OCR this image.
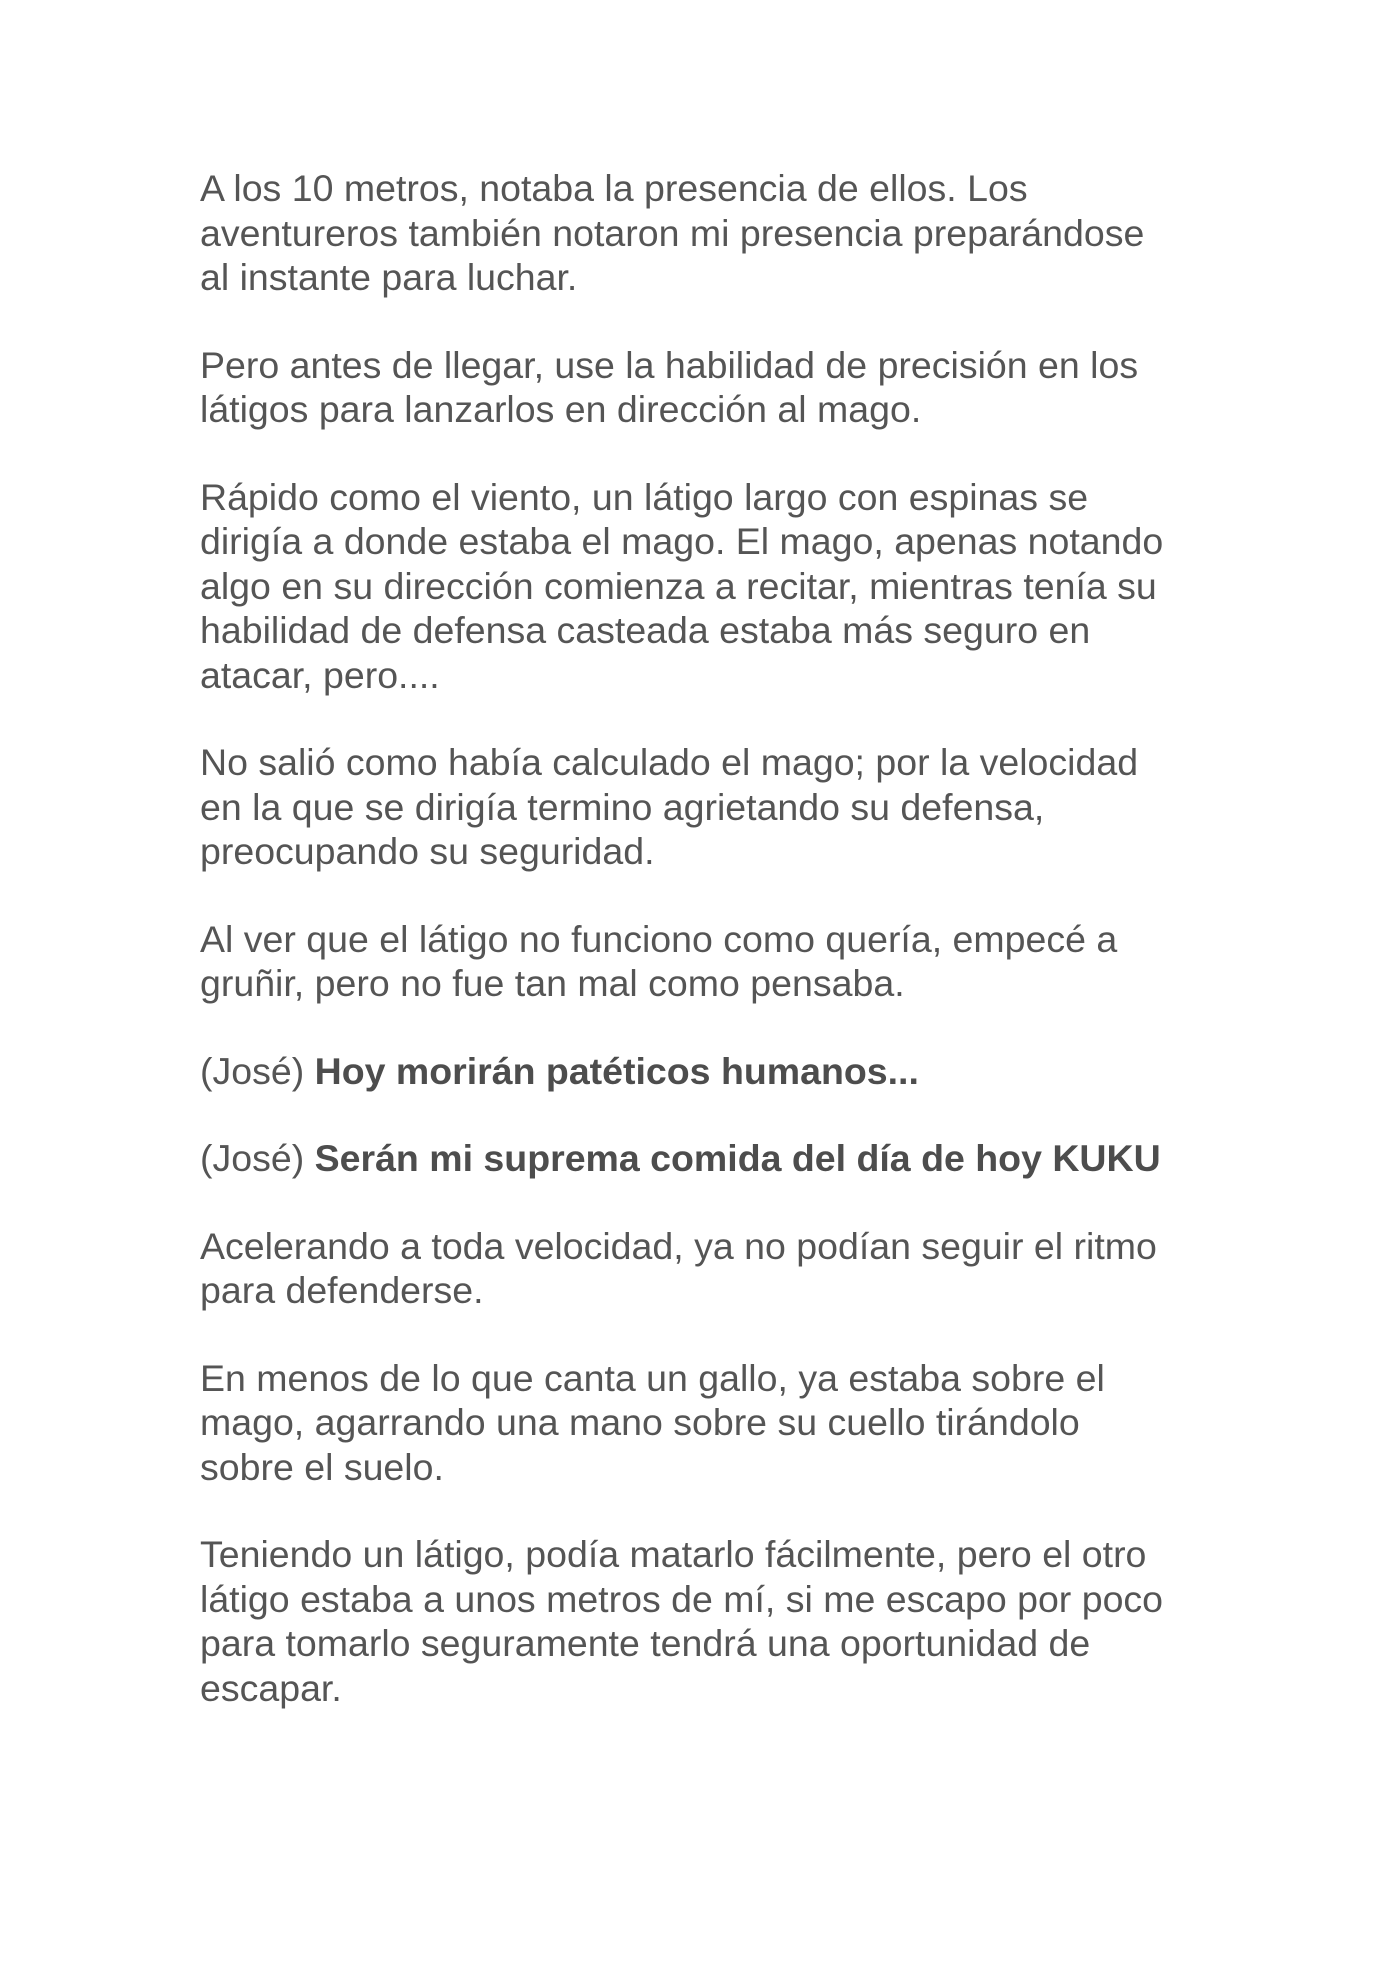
A los 10 metros, notaba la presencia de ellos. Los
aventureros también notaron mi presencia preparándose
al instante para luchar.

Pero antes de llegar, use la habilidad de precisión en los
látigos para lanzarlos en dirección al mago.

Rápido como el viento, un látigo largo con espinas se
dirigía a donde estaba el mago. El mago, apenas notando
algo en su dirección comienza a recitar, mientras tenía su
habilidad de defensa casteada estaba más seguro en
atacar, pero....

No salió como había calculado el mago; por la velocidad
en la que se dirigía termino agrietando su defensa,
preocupando su seguridad.

Al ver que el látigo no funciono como quería, empecé a
gruñir, pero no fue tan mal como pensaba.

(José) Hoy morirán patéticos humanos...

(José) Serán mi suprema comida del día de hoy KUKU

Acelerando a toda velocidad, ya no podían seguir el ritmo
para defenderse.

En menos de lo que canta un gallo, ya estaba sobre el
mago, agarrando una mano sobre su cuello tirándolo
sobre el suelo.

Teniendo un látigo, podía matarlo fácilmente, pero el otro
látigo estaba a unos metros de mí, si me escapo por poco
para tomarlo seguramente tendrá una oportunidad de
escapar.
